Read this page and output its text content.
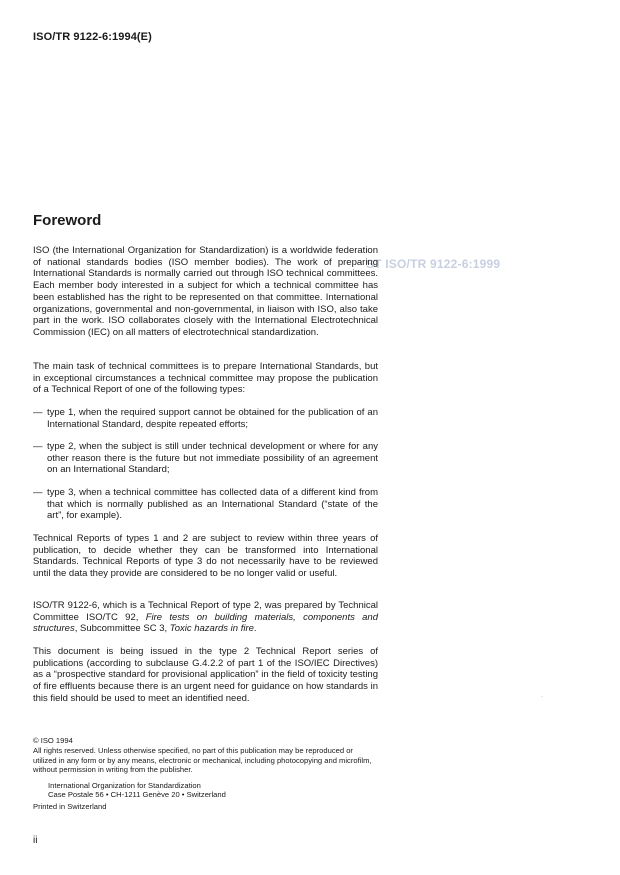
ISO/TR 9122-6:1994(E)
Foreword
ST ISO/TR 9122-6:1999

ISO (the International Organization for Standardization) is a worldwide federation of national standards bodies (ISO member bodies). The work of preparing International Standards is normally carried out through ISO technical committees. Each member body interested in a subject for which a technical committee has been established has the right to be represented on that committee. International organizations, governmental and non-governmental, in liaison with ISO, also take part in the work. ISO collaborates closely with the International Electrotechnical Commission (IEC) on all matters of electrotechnical standardization.

The main task of technical committees is to prepare International Standards, but in exceptional circumstances a technical committee may propose the publication of a Technical Report of one of the following types:

— type 1, when the required support cannot be obtained for the publication of an International Standard, despite repeated efforts;
— type 2, when the subject is still under technical development or where for any other reason there is the future but not immediate possibility of an agreement on an International Standard;
— type 3, when a technical committee has collected data of a different kind from that which is normally published as an International Standard (“state of the art”, for example).

Technical Reports of types 1 and 2 are subject to review within three years of publication, to decide whether they can be transformed into International Standards. Technical Reports of type 3 do not necessarily have to be reviewed until the data they provide are considered to be no longer valid or useful.

ISO/TR 9122-6, which is a Technical Report of type 2, was prepared by Technical Committee ISO/TC 92, Fire tests on building materials, components and structures, Subcommittee SC 3, Toxic hazards in fire.

This document is being issued in the type 2 Technical Report series of publications (according to subclause G.4.2.2 of part 1 of the ISO/IEC Directives) as a “prospective standard for provisional application” in the field of toxicity testing of fire effluents because there is an urgent need for guidance on how standards in this field should be used to meet an identified need.	·
© ISO 1994
All rights reserved. Unless otherwise specified, no part of this publication may be reproduced or utilized in any form or by any means, electronic or mechanical, including photocopying and microfilm, without permission in writing from the publisher.
International Organization for Standardization
Case Postale 56 • CH-1211 Genève 20 • Switzerland
Printed in Switzerland
ii
